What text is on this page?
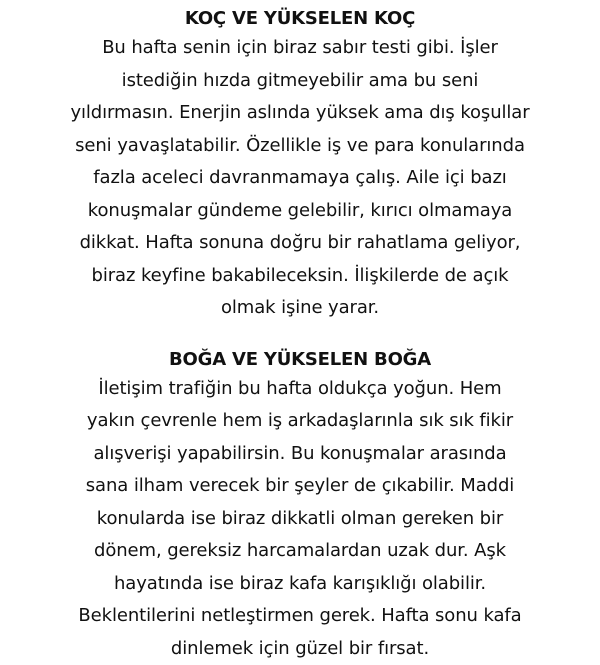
KOÇ VE YÜKSELEN KOÇ

Bu hafta senin için biraz sabır testi gibi. İşler
istediğin hızda gitmeyebilir ama bu seni
yıldırmasın. Enerjin aslında yüksek ama dış koşullar
seni yavaşlatabilir. Özellikle iş ve para konularında
fazla aceleci davranmamaya çalış. Aile içi bazı
konuşmalar gündeme gelebilir, kırıcı olmamaya
dikkat. Hafta sonuna doğru bir rahatlama geliyor,
biraz keyfine bakabileceksin. İlişkilerde de açık
olmak işine yarar.

BOĞA VE YÜKSELEN BOĞA

İletişim trafiğin bu hafta oldukça yoğun. Hem
yakın çevrenle hem iş arkadaşlarınla sık sık fikir
alışverişi yapabilirsin. Bu konuşmalar arasında
sana ilham verecek bir şeyler de çıkabilir. Maddi
konularda ise biraz dikkatli olman gereken bir
dönem, gereksiz harcamalardan uzak dur. Aşk
hayatında ise biraz kafa karışıklığı olabilir.
Beklentilerini netleştirmen gerek. Hafta sonu kafa
dinlemek için güzel bir fırsat.
